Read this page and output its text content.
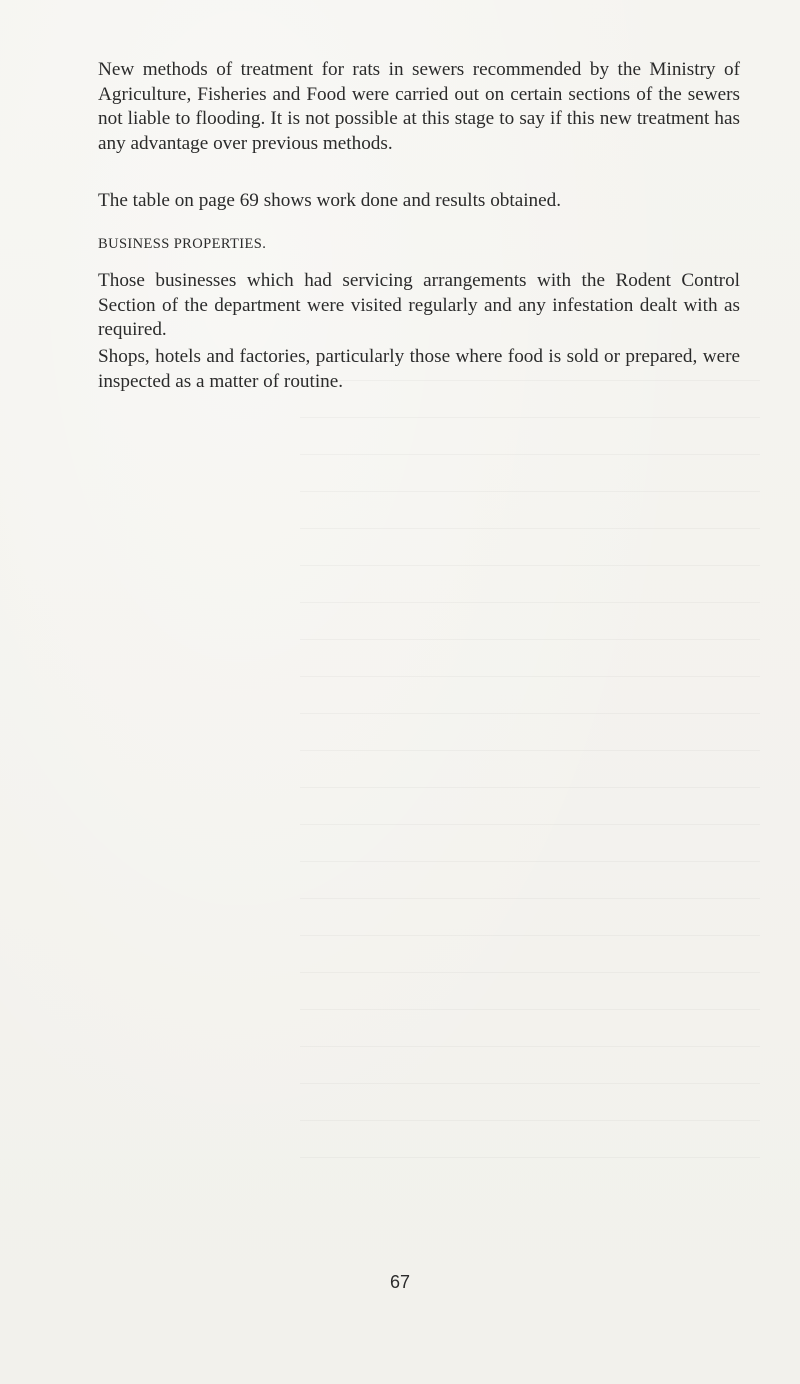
New methods of treatment for rats in sewers recommended by the Ministry of Agriculture, Fisheries and Food were carried out on certain sections of the sewers not liable to flooding. It is not possible at this stage to say if this new treatment has any advantage over previous methods.

The table on page 69 shows work done and results obtained.

BUSINESS PROPERTIES.

Those businesses which had servicing arrangements with the Rodent Control Section of the department were visited regularly and any infestation dealt with as required.

Shops, hotels and factories, particularly those where food is sold or prepared, were inspected as a matter of routine.

67
